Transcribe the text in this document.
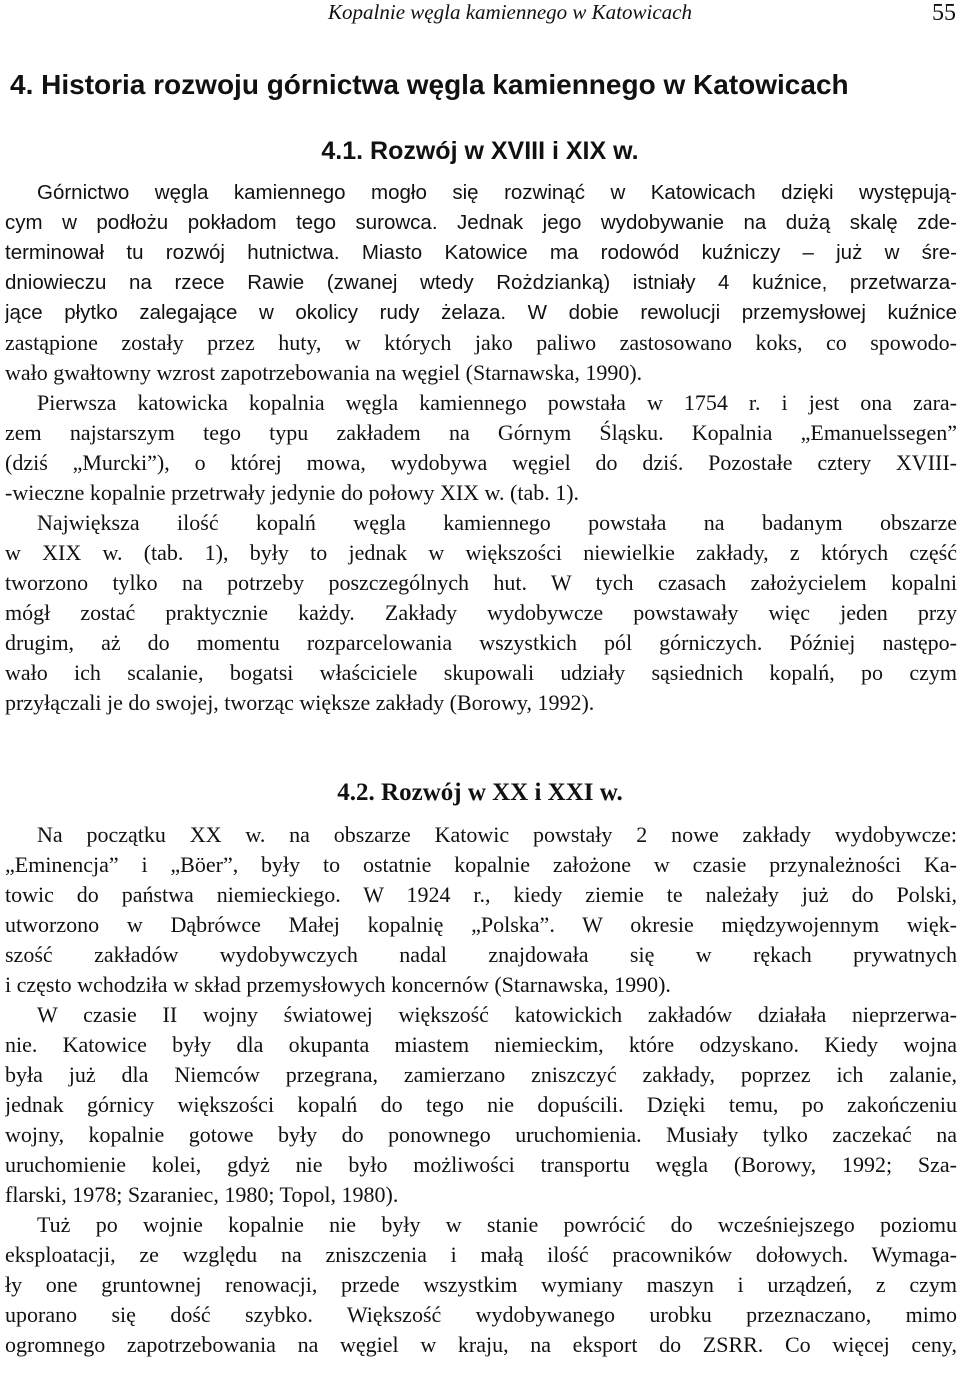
Kopalnie węgla kamiennego w Katowicach	55
4. Historia rozwoju górnictwa węgla kamiennego w Katowicach
4.1. Rozwój w XVIII i XIX w.
Górnictwo węgla kamiennego mogło się rozwinąć w Katowicach dzięki występują-
cym w podłożu pokładom tego surowca. Jednak jego wydobywanie na dużą skalę zde-
terminował tu rozwój hutnictwa. Miasto Katowice ma rodowód kuźniczy – już w śre-
dniowieczu na rzece Rawie (zwanej wtedy Rożdzianką) istniały 4 kuźnice, przetwarza-
jące płytko zalegające w okolicy rudy żelaza. W dobie rewolucji przemysłowej kuźnice
zastąpione zostały przez huty, w których jako paliwo zastosowano koks, co spowodo-
wało gwałtowny wzrost zapotrzebowania na węgiel (Starnawska, 1990).
Pierwsza katowicka kopalnia węgla kamiennego powstała w 1754 r. i jest ona zara-
zem najstarszym tego typu zakładem na Górnym Śląsku. Kopalnia „Emanuelssegen”
(dziś „Murcki”), o której mowa, wydobywa węgiel do dziś. Pozostałe cztery XVIII-
-wieczne kopalnie przetrwały jedynie do połowy XIX w. (tab. 1).
Największa ilość kopalń węgla kamiennego powstała na badanym obszarze
w XIX w. (tab. 1), były to jednak w większości niewielkie zakłady, z których część
tworzono tylko na potrzeby poszczególnych hut. W tych czasach założycielem kopalni
mógł zostać praktycznie każdy. Zakłady wydobywcze powstawały więc jeden przy
drugim, aż do momentu rozparcelowania wszystkich pól górniczych. Później następo-
wało ich scalanie, bogatsi właściciele skupowali udziały sąsiednich kopalń, po czym
przyłączali je do swojej, tworząc większe zakłady (Borowy, 1992).
4.2. Rozwój w XX i XXI w.
Na początku XX w. na obszarze Katowic powstały 2 nowe zakłady wydobywcze:
„Eminencja” i „Böer”, były to ostatnie kopalnie założone w czasie przynależności Ka-
towic do państwa niemieckiego. W 1924 r., kiedy ziemie te należały już do Polski,
utworzono w Dąbrówce Małej kopalnię „Polska”. W okresie międzywojennym więk-
szość zakładów wydobywczych nadal znajdowała się w rękach prywatnych
i często wchodziła w skład przemysłowych koncernów (Starnawska, 1990).
W czasie II wojny światowej większość katowickich zakładów działała nieprzerwa-
nie. Katowice były dla okupanta miastem niemieckim, które odzyskano. Kiedy wojna
była już dla Niemców przegrana, zamierzano zniszczyć zakłady, poprzez ich zalanie,
jednak górnicy większości kopalń do tego nie dopuścili. Dzięki temu, po zakończeniu
wojny, kopalnie gotowe były do ponownego uruchomienia. Musiały tylko zaczekać na
uruchomienie kolei, gdyż nie było możliwości transportu węgla (Borowy, 1992; Sza-
flarski, 1978; Szaraniec, 1980; Topol, 1980).
Tuż po wojnie kopalnie nie były w stanie powrócić do wcześniejszego poziomu
eksploatacji, ze względu na zniszczenia i małą ilość pracowników dołowych. Wymaga-
ły one gruntownej renowacji, przede wszystkim wymiany maszyn i urządzeń, z czym
uporano się dość szybko. Większość wydobywanego urobku przeznaczano, mimo
ogromnego zapotrzebowania na węgiel w kraju, na eksport do ZSRR. Co więcej ceny,
